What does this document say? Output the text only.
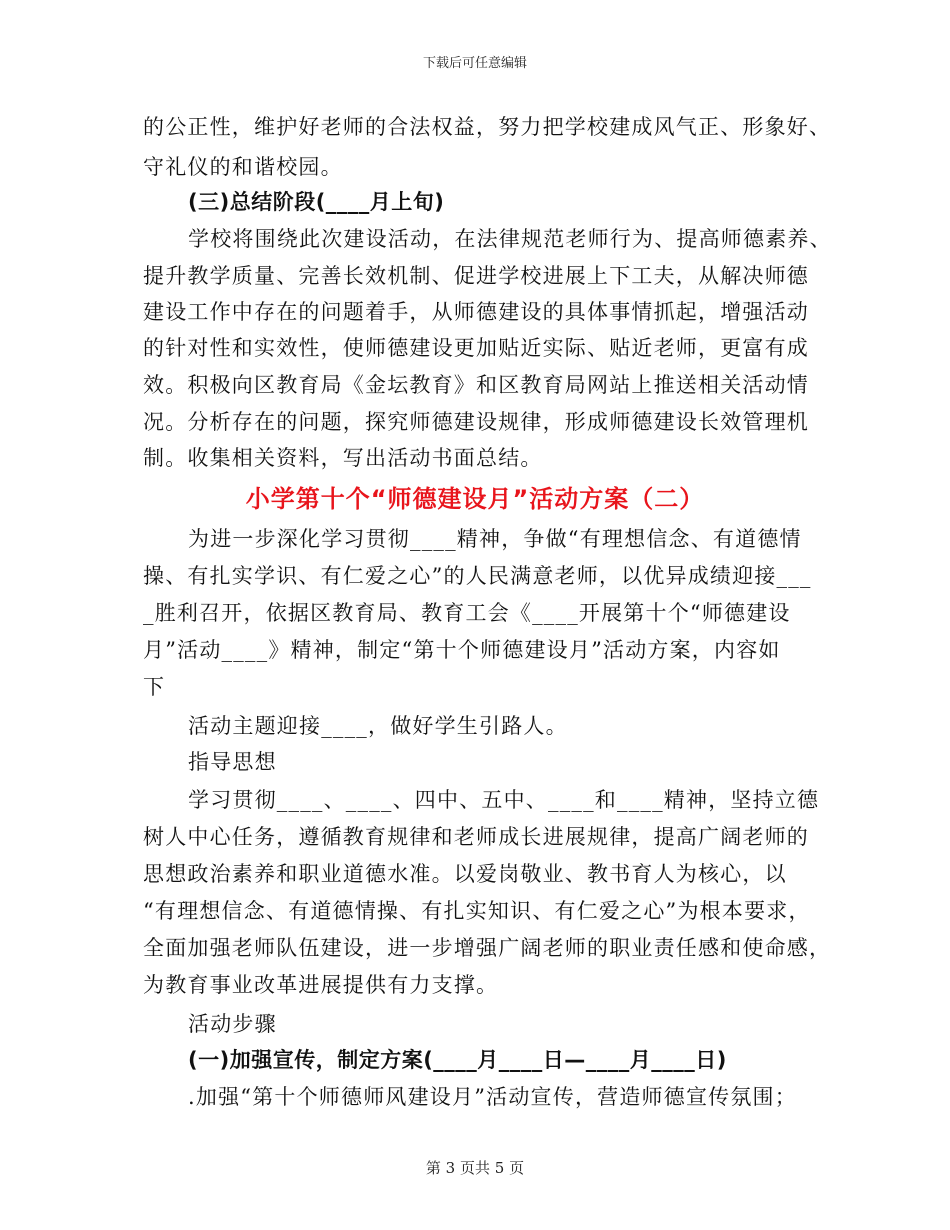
下载后可任意编辑
的公正性，维护好老师的合法权益，努力把学校建成风气正、形象好、
守礼仪的和谐校园。
(三)总结阶段(____月上旬)
学校将围绕此次建设活动，在法律规范老师行为、提高师德素养、
提升教学质量、完善长效机制、促进学校进展上下工夫，从解决师德
建设工作中存在的问题着手，从师德建设的具体事情抓起，增强活动
的针对性和实效性，使师德建设更加贴近实际、贴近老师，更富有成
效。积极向区教育局《金坛教育》和区教育局网站上推送相关活动情
况。分析存在的问题，探究师德建设规律，形成师德建设长效管理机
制。收集相关资料，写出活动书面总结。
小学第十个“师德建设月”活动方案（二）
为进一步深化学习贯彻____精神，争做“有理想信念、有道德情
操、有扎实学识、有仁爱之心”的人民满意老师，以优异成绩迎接___
_胜利召开，依据区教育局、教育工会《____开展第十个“师德建设
月”活动____》精神，制定“第十个师德建设月”活动方案，内容如
下
活动主题迎接____，做好学生引路人。
指导思想
学习贯彻____、____、四中、五中、____和____精神，坚持立德
树人中心任务，遵循教育规律和老师成长进展规律，提高广阔老师的
思想政治素养和职业道德水准。以爱岗敬业、教书育人为核心，以
“有理想信念、有道德情操、有扎实知识、有仁爱之心”为根本要求，
全面加强老师队伍建设，进一步增强广阔老师的职业责任感和使命感，
为教育事业改革进展提供有力支撑。
活动步骤
(一)加强宣传，制定方案(____月____日—____月____日)
.加强“第十个师德师风建设月”活动宣传，营造师德宣传氛围；
第 3 页共 5 页
